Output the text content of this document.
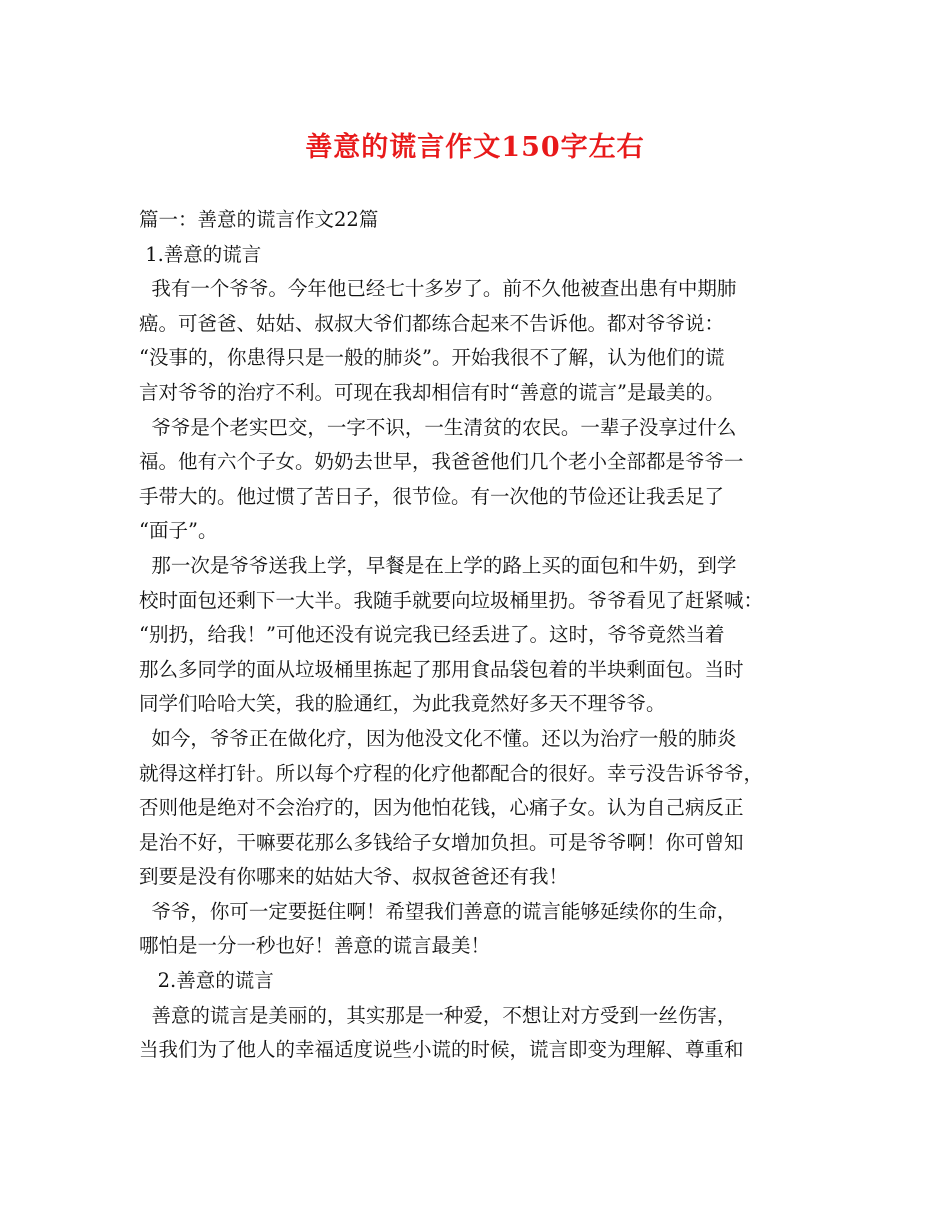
善意的谎言作文150字左右
篇一：善意的谎言作文22篇
1.善意的谎言
我有一个爷爷。今年他已经七十多岁了。前不久他被查出患有中期肺
癌。可爸爸、姑姑、叔叔大爷们都练合起来不告诉他。都对爷爷说：
“没事的，你患得只是一般的肺炎”。开始我很不了解，认为他们的谎
言对爷爷的治疗不利。可现在我却相信有时“善意的谎言”是最美的。
爷爷是个老实巴交，一字不识，一生清贫的农民。一辈子没享过什么
福。他有六个子女。奶奶去世早，我爸爸他们几个老小全部都是爷爷一
手带大的。他过惯了苦日子，很节俭。有一次他的节俭还让我丢足了
“面子”。
那一次是爷爷送我上学，早餐是在上学的路上买的面包和牛奶，到学
校时面包还剩下一大半。我随手就要向垃圾桶里扔。爷爷看见了赶紧喊：
“别扔，给我！”可他还没有说完我已经丢进了。这时，爷爷竟然当着
那么多同学的面从垃圾桶里拣起了那用食品袋包着的半块剩面包。当时
同学们哈哈大笑，我的脸通红，为此我竟然好多天不理爷爷。
如今，爷爷正在做化疗，因为他没文化不懂。还以为治疗一般的肺炎
就得这样打针。所以每个疗程的化疗他都配合的很好。幸亏没告诉爷爷，
否则他是绝对不会治疗的，因为他怕花钱，心痛子女。认为自己病反正
是治不好，干嘛要花那么多钱给子女增加负担。可是爷爷啊！你可曾知
到要是没有你哪来的姑姑大爷、叔叔爸爸还有我！
爷爷，你可一定要挺住啊！希望我们善意的谎言能够延续你的生命，
哪怕是一分一秒也好！善意的谎言最美！
2.善意的谎言
善意的谎言是美丽的，其实那是一种爱，不想让对方受到一丝伤害，
当我们为了他人的幸福适度说些小谎的时候，谎言即变为理解、尊重和
